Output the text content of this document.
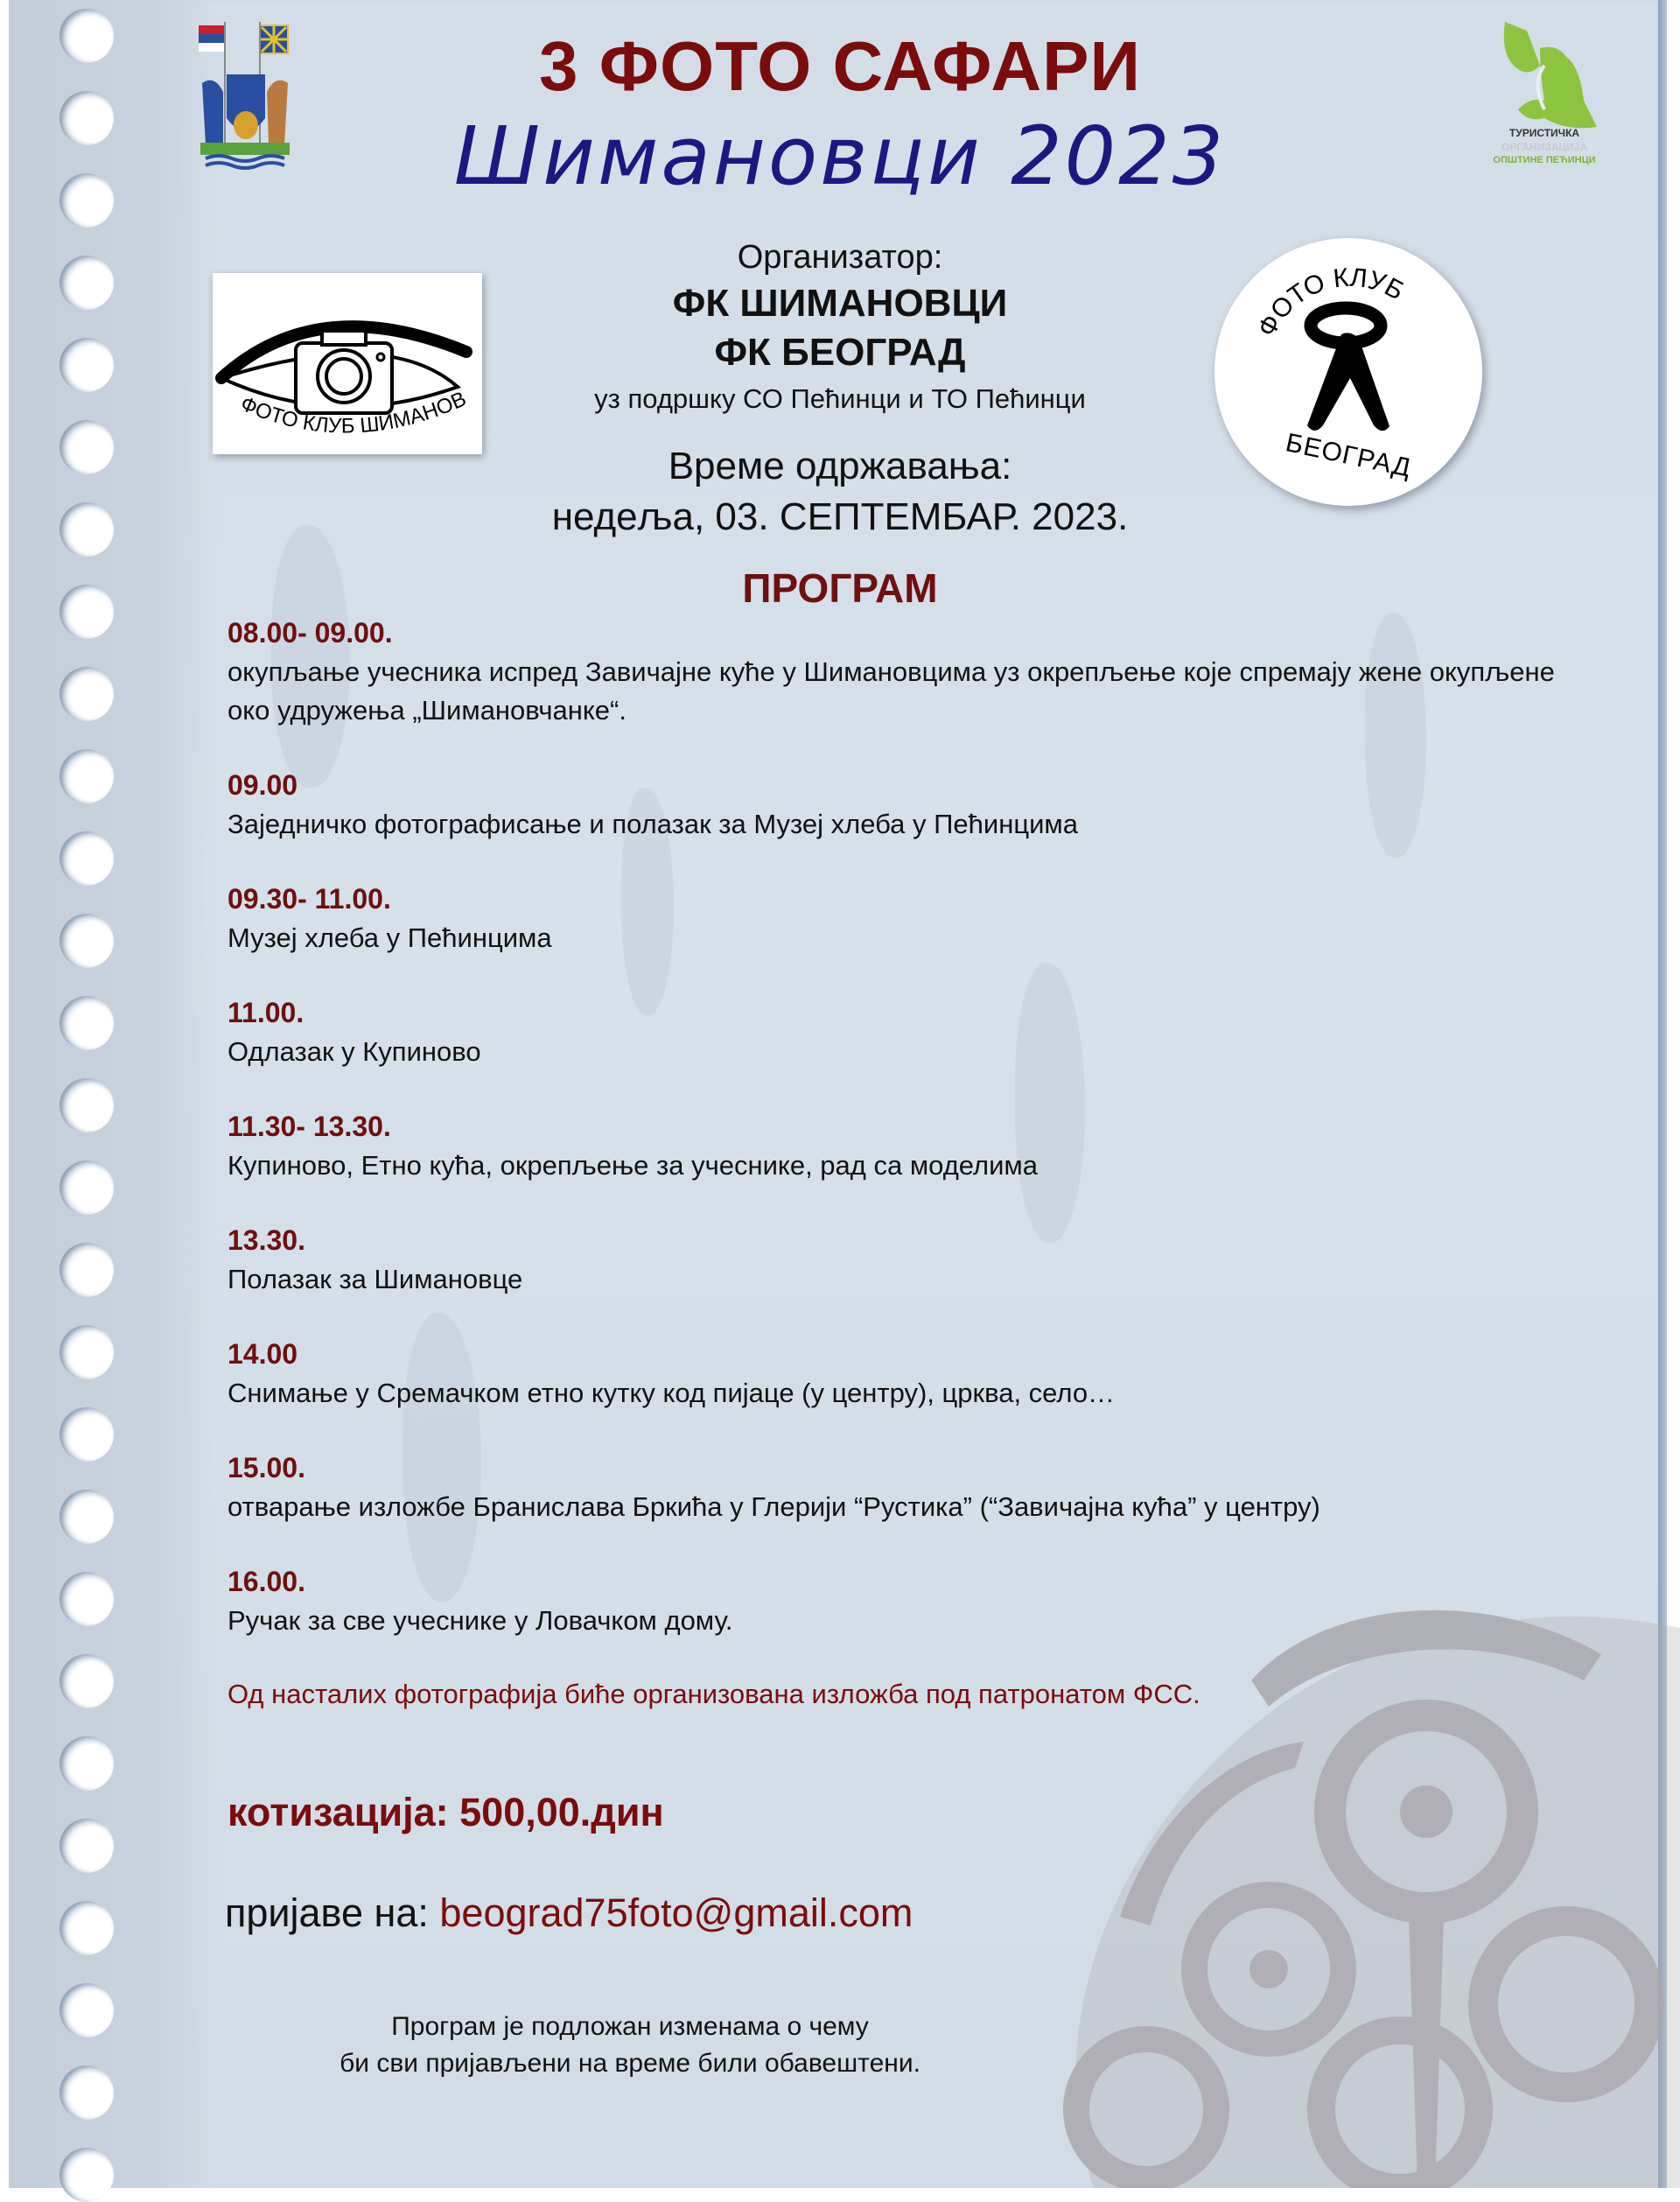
ТУРИСТИЧКА
ОРГАНИЗАЦИЈА
ОПШТИНЕ ПЕЋИНЦИ
3 ФОТО САФАРИ
Шимановци 2023
ФОТО КЛУБ ШИМАНОВ
ФОТО КЛУБ
БЕОГРАД
Организатор:
ФК ШИМАНОВЦИ
ФК БЕОГРАД
уз подршку СО Пећинци и ТО Пећинци
Време одржавања:
недеља, 03. СЕПТЕМБАР. 2023.
ПРОГРАМ
08.00- 09.00.
окупљање учесника испред Завичајне куће у Шимановцима уз окрепљење које спремају жене окупљене око удружења „Шимановчанке“.
09.00
Заједничко фотографисање и полазак за Музеј хлеба у Пећинцима
09.30- 11.00.
Музеј хлеба у Пећинцима
11.00.
Одлазак у Купиново
11.30- 13.30.
Купиново, Етно кућа, окрепљење за учеснике, рад са моделима
13.30.
Полазак за Шимановце
14.00
Снимање у Сремачком етно кутку код пијаце (у центру), црква, село…
15.00.
отварање изложбе Бранислава Бркића у Глерији “Рустика” (“Завичајна кућа” у центру)
16.00.
Ручак за све учеснике у Ловачком дому.
Од насталих фотографија биће организована изложба под патронатом ФСС.
котизација: 500,00.дин
пријаве на: beograd75foto@gmail.com
Програм је подложан изменама о чему
би сви пријављени на време били обавештени.
